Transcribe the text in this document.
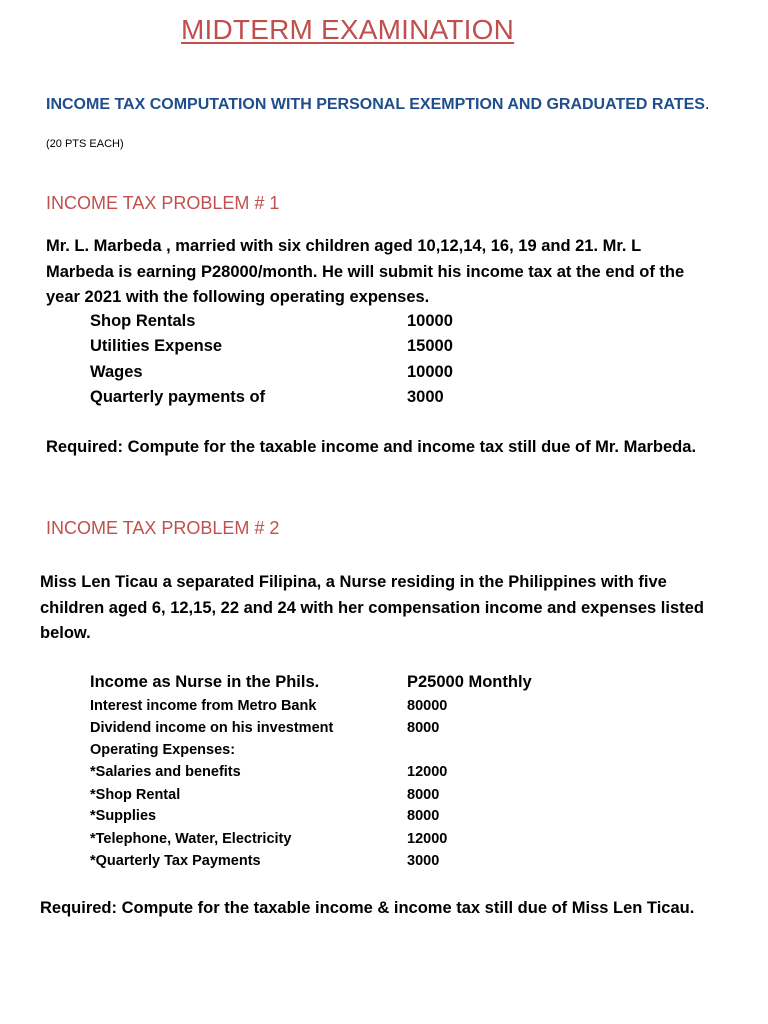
MIDTERM EXAMINATION
INCOME TAX COMPUTATION WITH PERSONAL EXEMPTION AND GRADUATED RATES.
(20 PTS EACH)
INCOME TAX PROBLEM # 1
Mr. L. Marbeda , married with six children aged 10,12,14, 16, 19 and 21. Mr. L
Marbeda is earning P28000/month. He will submit his income tax at the end of the
year 2021 with the following operating expenses.
Shop Rentals	10000
Utilities Expense	15000
Wages	10000
Quarterly payments of	3000
Required: Compute for the taxable income and income tax still due of Mr. Marbeda.
INCOME TAX PROBLEM # 2
Miss Len Ticau a separated Filipina, a Nurse residing in the Philippines with five
children aged 6, 12,15, 22 and 24 with her compensation income and expenses listed
below.
Income as Nurse in the Phils.	P25000 Monthly
Interest income from Metro Bank	80000
Dividend income on his investment	8000
Operating Expenses:
*Salaries and benefits	12000
*Shop Rental	8000
*Supplies	8000
*Telephone, Water, Electricity	12000
*Quarterly Tax Payments	3000
Required: Compute for the taxable income & income tax still due of Miss Len Ticau.
